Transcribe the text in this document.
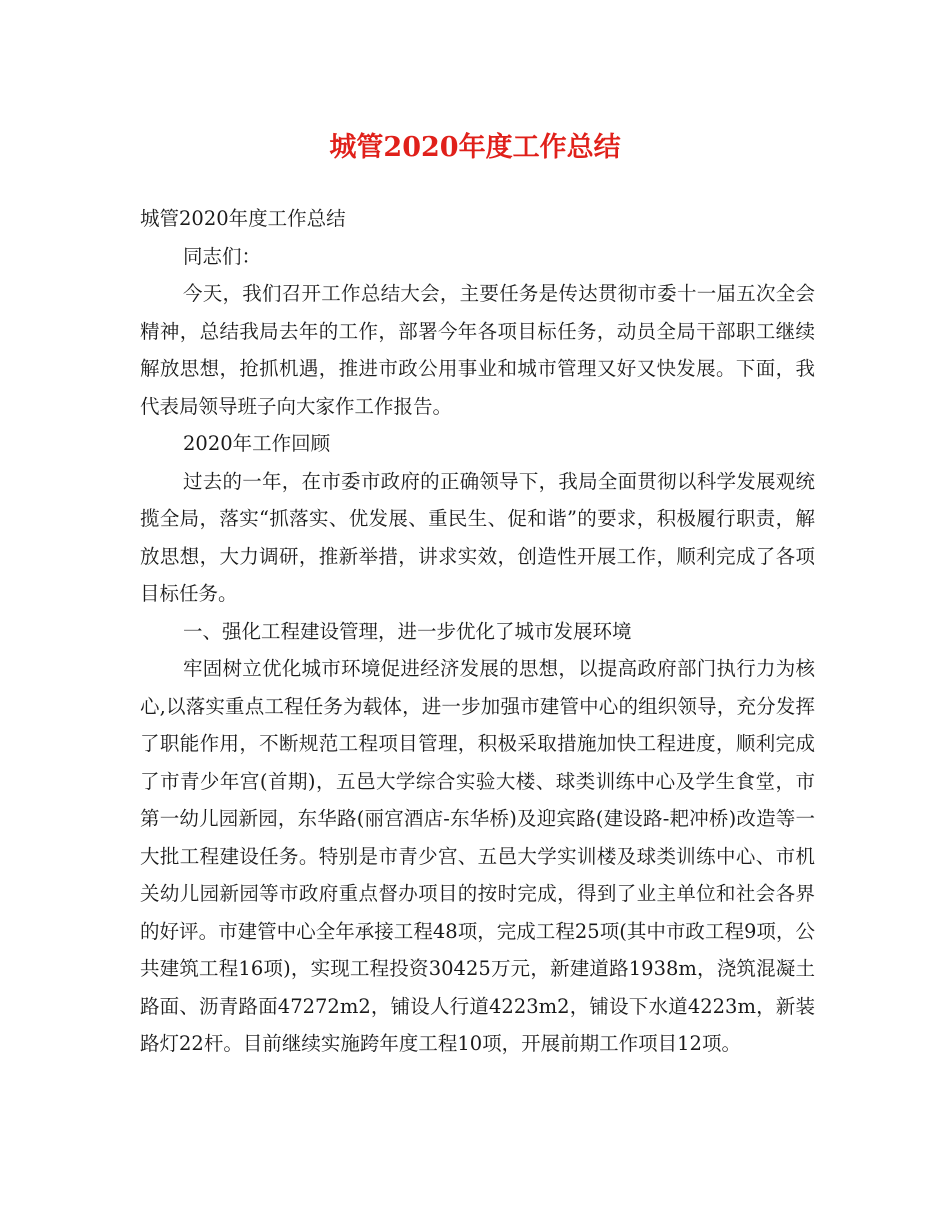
城管2020年度工作总结

城管2020年度工作总结

同志们：

今天，我们召开工作总结大会，主要任务是传达贯彻市委十一届五次全会精神，总结我局去年的工作，部署今年各项目标任务，动员全局干部职工继续解放思想，抢抓机遇，推进市政公用事业和城市管理又好又快发展。下面，我代表局领导班子向大家作工作报告。

2020年工作回顾

过去的一年，在市委市政府的正确领导下，我局全面贯彻以科学发展观统揽全局，落实“抓落实、优发展、重民生、促和谐”的要求，积极履行职责，解放思想，大力调研，推新举措，讲求实效，创造性开展工作，顺利完成了各项目标任务。

一、强化工程建设管理，进一步优化了城市发展环境

牢固树立优化城市环境促进经济发展的思想，以提高政府部门执行力为核心,以落实重点工程任务为载体，进一步加强市建管中心的组织领导，充分发挥了职能作用，不断规范工程项目管理，积极采取措施加快工程进度，顺利完成了市青少年宫(首期)，五邑大学综合实验大楼、球类训练中心及学生食堂，市第一幼儿园新园，东华路(丽宫酒店-东华桥)及迎宾路(建设路-耙冲桥)改造等一大批工程建设任务。特别是市青少宫、五邑大学实训楼及球类训练中心、市机关幼儿园新园等市政府重点督办项目的按时完成，得到了业主单位和社会各界的好评。市建管中心全年承接工程48项，完成工程25项(其中市政工程9项，公共建筑工程16项)，实现工程投资30425万元，新建道路1938m，浇筑混凝土路面、沥青路面47272m2，铺设人行道4223m2，铺设下水道4223m，新装路灯22杆。目前继续实施跨年度工程10项，开展前期工作项目12项。
